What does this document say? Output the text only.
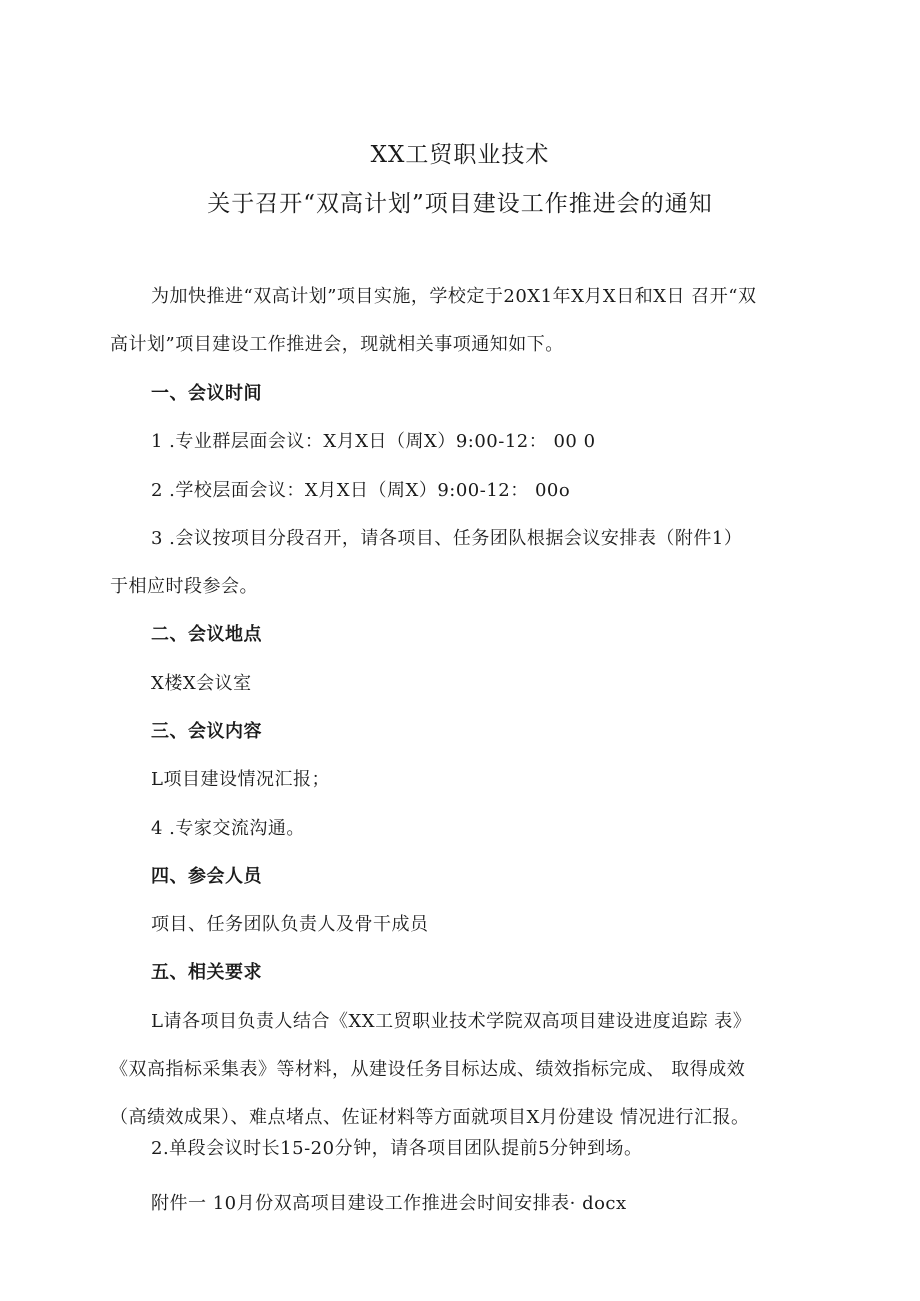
XX工贸职业技术
关于召开“双高计划”项目建设工作推进会的通知
为加快推进“双高计划”项目实施，学校定于20X1年X月X日和X日 召开“双
高计划”项目建设工作推进会，现就相关事项通知如下。
一、会议时间
1 .专业群层面会议：X月X日（周X）9:00-12： 00 0
2 .学校层面会议：X月X日（周X）9:00-12： 00o
3 .会议按项目分段召开，请各项目、任务团队根据会议安排表（附件1）
于相应时段参会。
二、会议地点
X楼X会议室
三、会议内容
L项目建设情况汇报；
4 .专家交流沟通。
四、参会人员
项目、任务团队负责人及骨干成员
五、相关要求
L请各项目负责人结合《XX工贸职业技术学院双高项目建设进度追踪 表》
《双高指标采集表》等材料，从建设任务目标达成、绩效指标完成、 取得成效
（高绩效成果）、难点堵点、佐证材料等方面就项目X月份建设 情况进行汇报。
2.单段会议时长15-20分钟，请各项目团队提前5分钟到场。
附件一 10月份双高项目建设工作推进会时间安排表· docx
